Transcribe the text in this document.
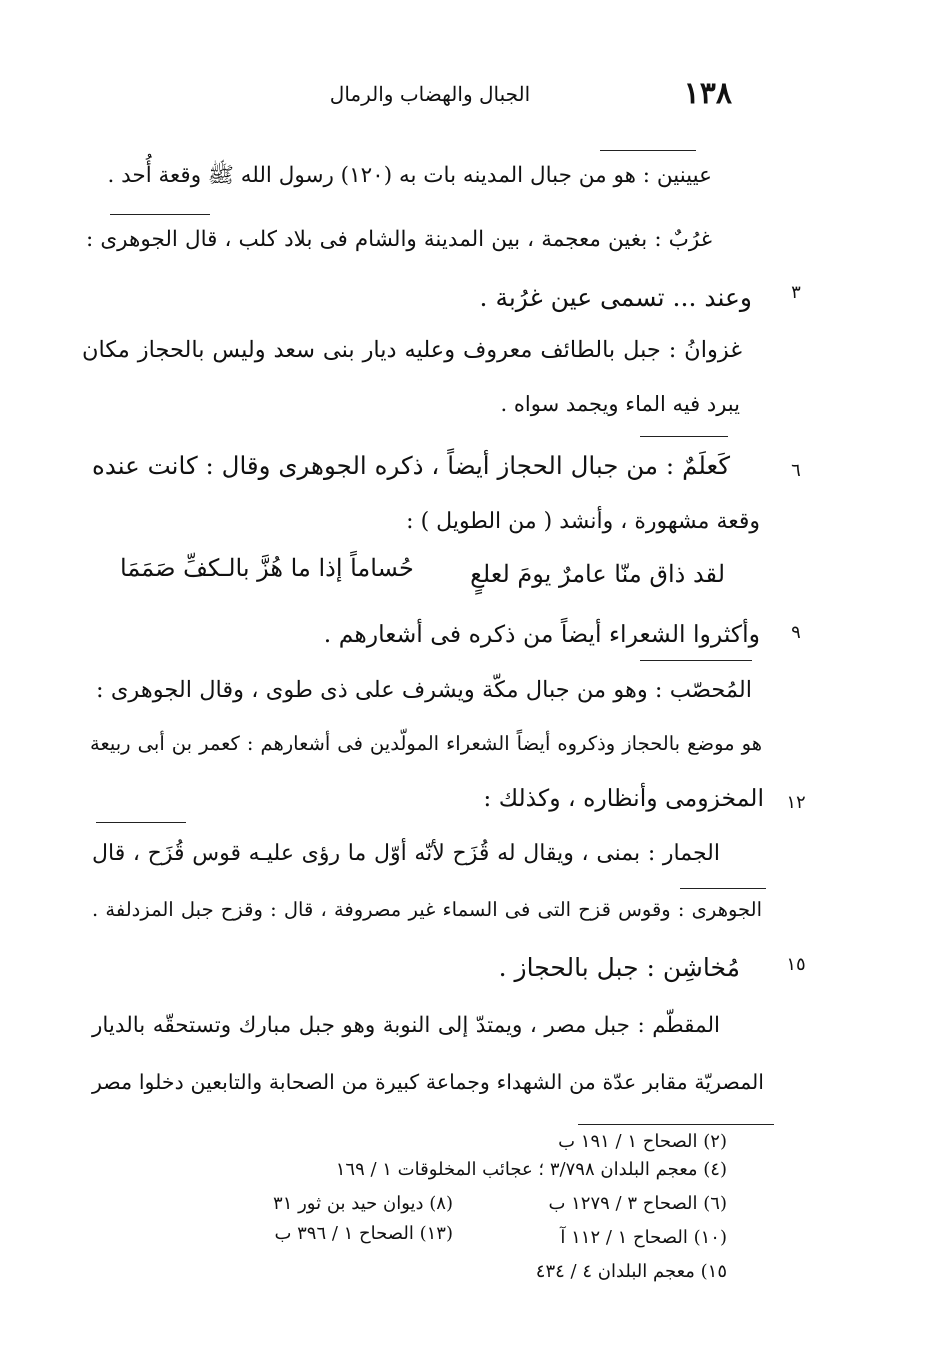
١٣٨
الجبال والهضاب والرمال
٣
٦
٩
١٢
١٥
عيينين : هو من جبال المدينه بات به (١٢٠) رسول الله ﷺ وقعة أُحد .
غرُبٌ : بغين معجمة ، بين المدينة والشام فى بلاد كلب ، قال الجوهرى :
وعند ... تسمى عين غرُبة .
غزوانُ : جبل بالطائف معروف وعليه ديار بنى سعد وليس بالحجاز مكان
يبرد فيه الماء ويجمد سواه .
كَعلَمٌ : من جبال الحجاز أيضاً ، ذكره الجوهرى وقال : كانت عنده
وقعة مشهورة ، وأنشد ( من الطويل ) :
لقد ذاق منّا عامرٌ يومَ لعلعٍ
حُساماً إذا ما هُزَّ بالـكفِّ صَمَمَا
وأكثروا الشعراء أيضاً من ذكره فى أشعارهم .
المُحصّب : وهو من جبال مكّة ويشرف على ذى طوى ، وقال الجوهرى :
هو موضع بالحجاز وذكروه أيضاً الشعراء المولّدين فى أشعارهم : كعمر بن أبى ربيعة
المخزومى وأنظاره ، وكذلك :
الجمار : بمنى ، ويقال له قُزَح لأنّه أوّل ما رؤى عليـه قوس قُزَح ، قال
الجوهرى : وقوس قزح التى فى السماء غير مصروفة ، قال : وقزح جبل المزدلفة .
مُخاشِن : جبل بالحجاز .
المقطّم : جبل مصر ، ويمتدّ إلى النوبة وهو جبل مبارك وتستحقّه بالديار
المصريّة مقابر عدّة من الشهداء وجماعة كبيرة من الصحابة والتابعين دخلوا مصر
(٢) الصحاح ١ / ١٩١ ب
(٤) معجم البلدان ٣/٧٩٨ ؛ عجائب المخلوقات ١ / ١٦٩
(٦) الصحاح ٣ / ١٢٧٩ ب
(٨) ديوان حيد بن ثور ٣١
(١٠) الصحاح ١ / ١١٢ آ
(١٣) الصحاح ١ / ٣٩٦ ب
١٥) معجم البلدان ٤ / ٤٣٤
